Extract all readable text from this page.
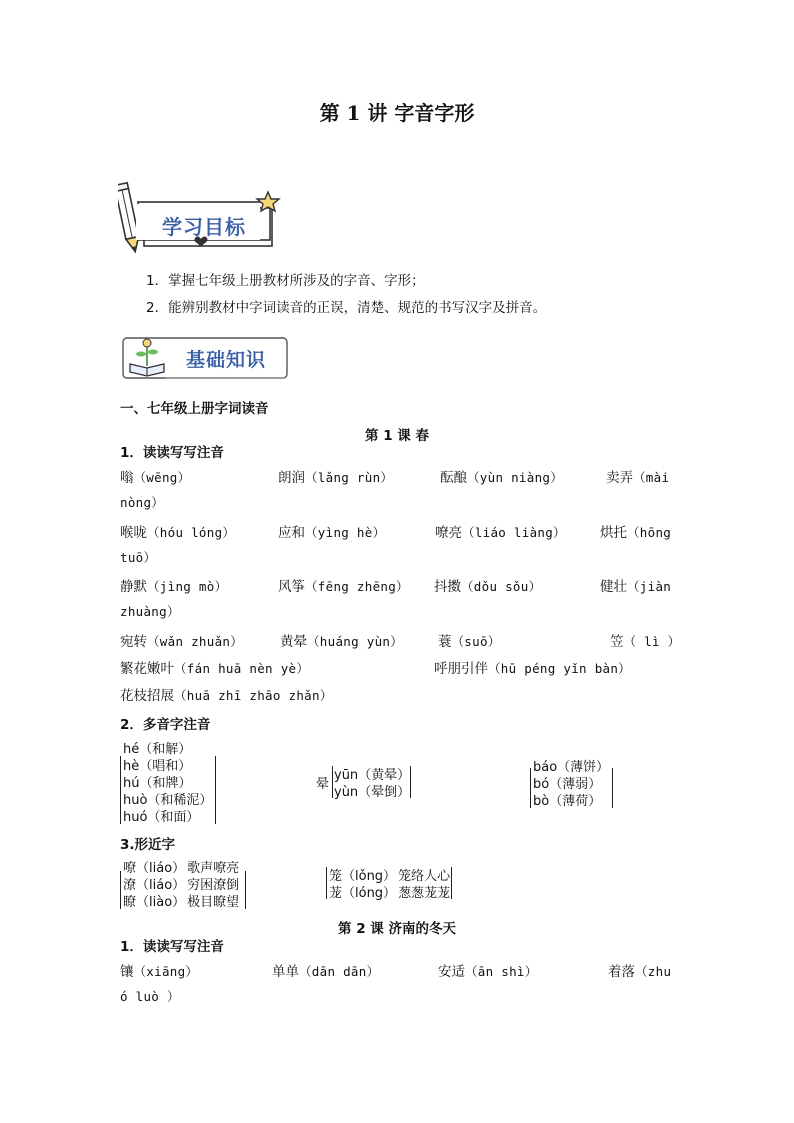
第 1 讲 字音字形
学习目标
1．掌握七年级上册教材所涉及的字音、字形；
2．能辨别教材中字词读音的正误，清楚、规范的书写汉字及拼音。
基础知识
一、七年级上册字词读音
第 1 课 春
1．读读写写注音
嗡（wēng）	朗润（lǎng rùn）	酝酿（yùn niàng）	卖弄（mài
nòng）
喉咙（hóu lóng）	应和（yìng hè）	嘹亮（liáo liàng）	烘托（hōng
tuō）
静默（jìng mò）	风筝（fēng zhēng） 抖擞（dǒu sǒu）	健壮（jiàn
zhuàng）
宛转（wǎn zhuǎn）	黄晕（huáng yùn）	蓑（suō）	笠（ lì ）
繁花嫩叶（fán huā nèn yè）	呼朋引伴（hū péng yǐn bàn）
花枝招展（huā zhī zhāo zhǎn）
2．多音字注音
hé（和解）
hè（唱和）
hú（和牌）
huò（和稀泥）
huó（和面）
晕
yūn（黄晕）
yùn（晕倒）
báo（薄饼）
bó（薄弱）
bò（薄荷）
3.形近字
嘹（liáo） 歌声嘹亮
潦（liáo） 穷困潦倒
瞭（liào） 极目瞭望
笼（lǒng） 笼络人心
茏（lóng） 葱葱茏茏
第 2 课 济南的冬天
1．读读写写注音
镶（xiāng）	单单（dān dān）	安适（ān shì）	着落（zhu
ó luò ）
